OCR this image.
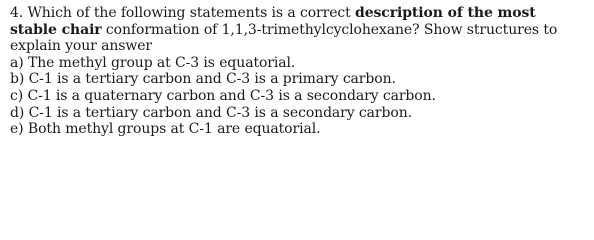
4. Which of the following statements is a correct description of the most stable chair conformation of 1,1,3-trimethylcyclohexane? Show structures to explain your answer

a) The methyl group at C-3 is equatorial.
b) C-1 is a tertiary carbon and C-3 is a primary carbon.
c) C-1 is a quaternary carbon and C-3 is a secondary carbon.
d) C-1 is a tertiary carbon and C-3 is a secondary carbon.
e) Both methyl groups at C-1 are equatorial.
